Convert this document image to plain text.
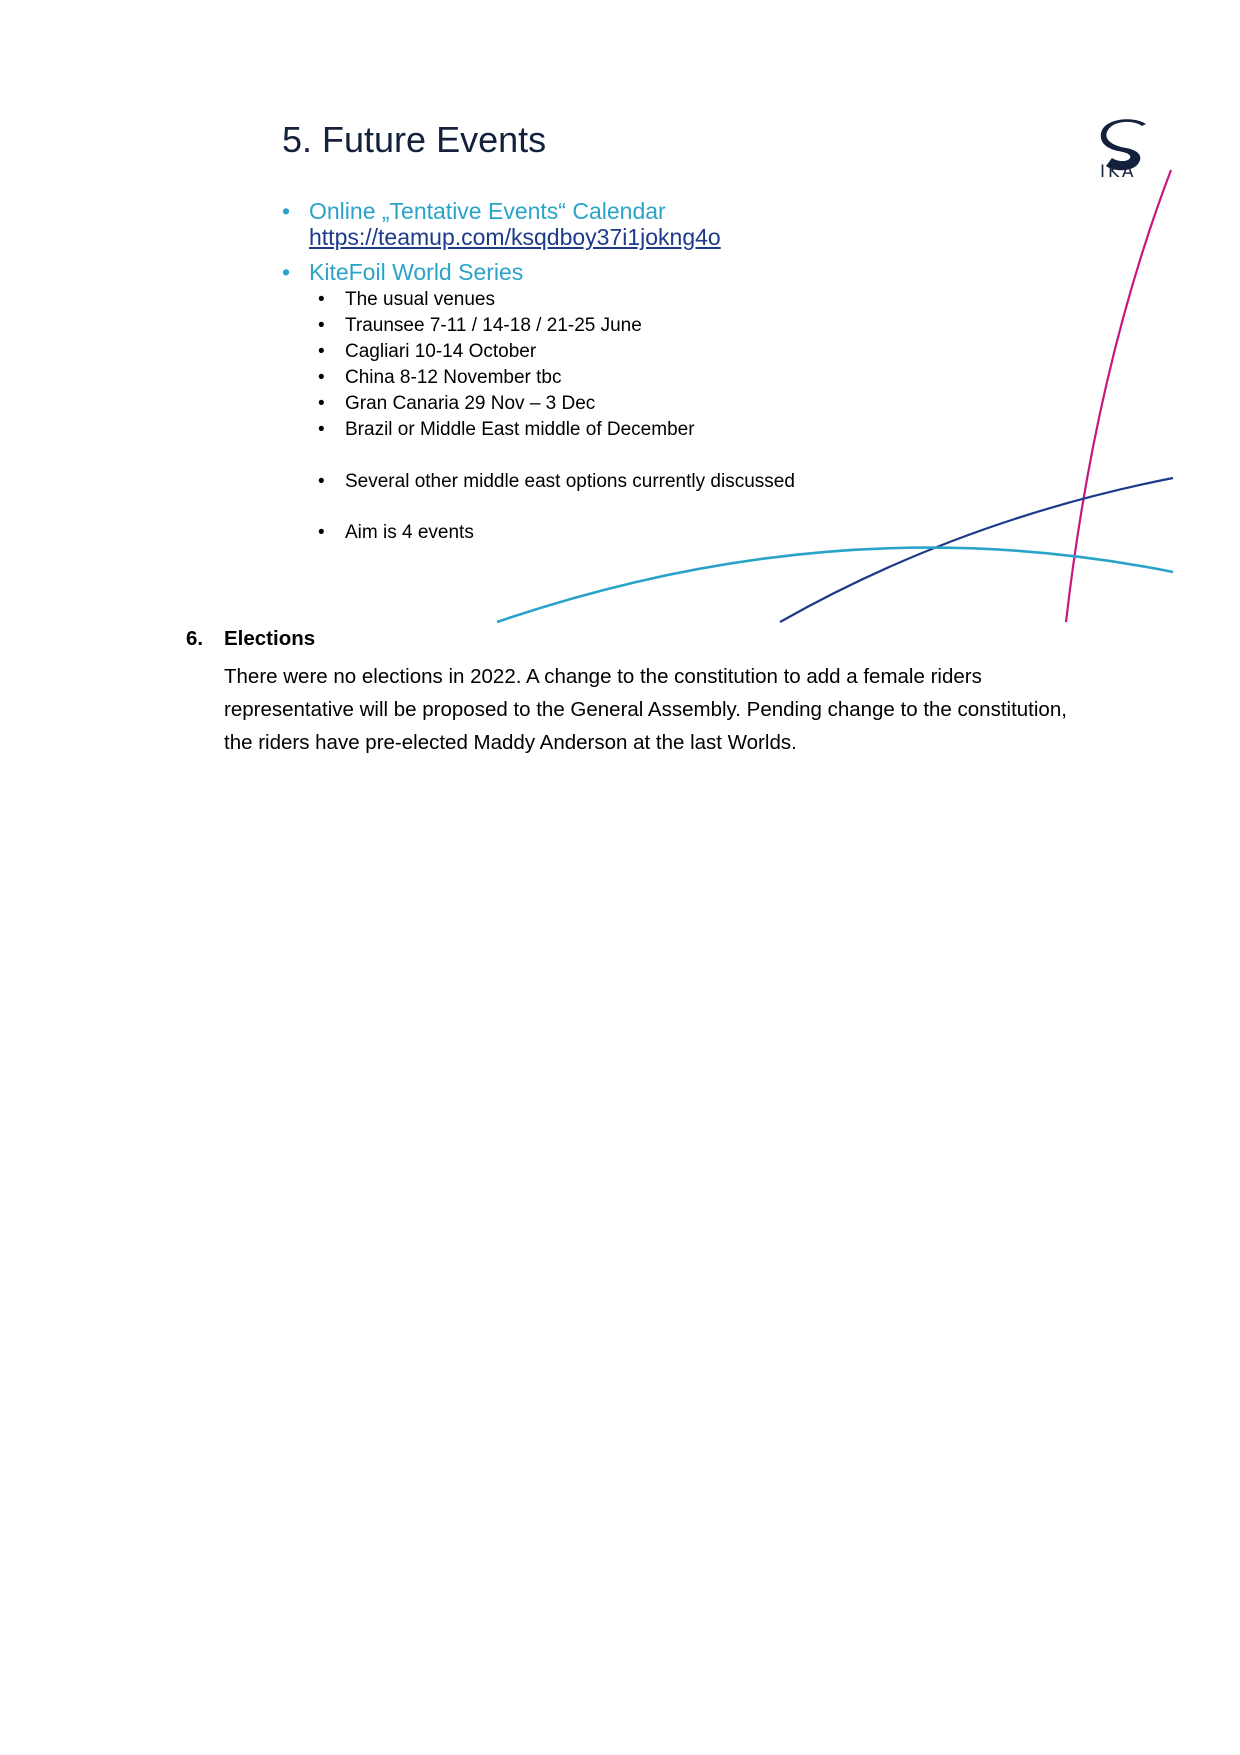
5. Future Events
IKA
• Online „Tentative Events“ Calendar
https://teamup.com/ksqdboy37i1jokng4o
• KiteFoil World Series
• The usual venues
• Traunsee 7-11 / 14-18 / 21-25 June
• Cagliari 10-14 October
• China 8-12 November tbc
• Gran Canaria 29 Nov – 3 Dec
• Brazil or Middle East middle of December
• Several other middle east options currently discussed
• Aim is 4 events
6. Elections
There were no elections in 2022. A change to the constitution to add a female riders representative will be proposed to the General Assembly. Pending change to the constitution, the riders have pre-elected Maddy Anderson at the last Worlds.
